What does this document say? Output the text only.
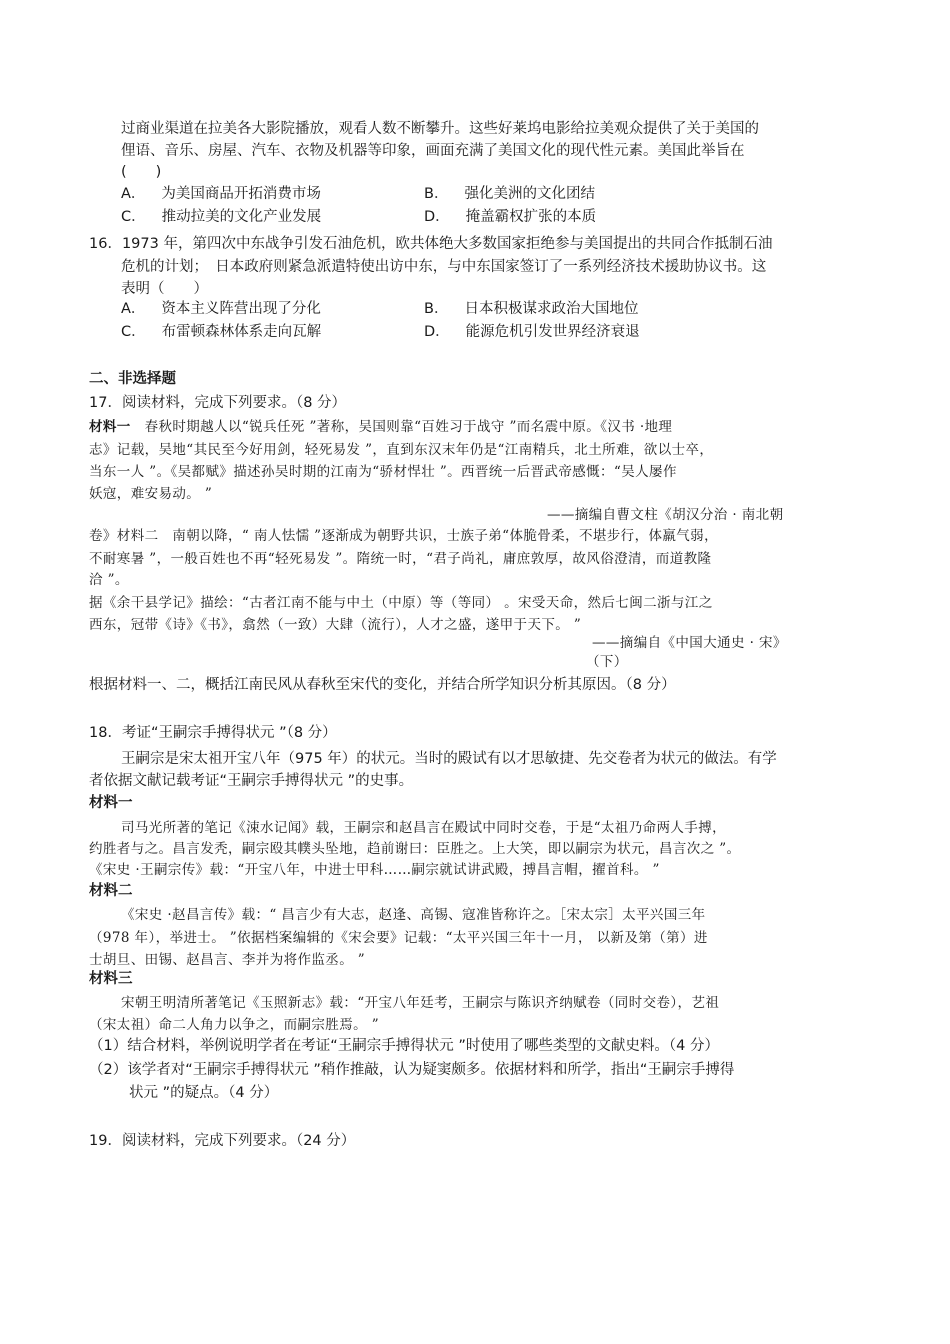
过商业渠道在拉美各大影院播放，观看人数不断攀升。这些好莱坞电影给拉美观众提供了关于美国的
俚语、音乐、房屋、汽车、衣物及机器等印象，画面充满了美国文化的现代性元素。美国此举旨在
(　　)
A． 为美国商品开拓消费市场	B． 强化美洲的文化团结
C． 推动拉美的文化产业发展	D． 掩盖霸权扩张的本质
16．1973 年，第四次中东战争引发石油危机，欧共体绝大多数国家拒绝参与美国提出的共同合作抵制石油
危机的计划；　日本政府则紧急派遣特使出访中东，与中东国家签订了一系列经济技术援助协议书。这
表明（　　）
A． 资本主义阵营出现了分化	B． 日本积极谋求政治大国地位
C． 布雷顿森林体系走向瓦解	D． 能源危机引发世界经济衰退
二、非选择题
17．阅读材料，完成下列要求。（8 分）
材料一　春秋时期越人以“锐兵任死 ”著称，吴国则靠“百姓习于战守 ”而名震中原。《汉书 ·地理
志》记载，吴地“其民至今好用剑，轻死易发 ”，直到东汉末年仍是“江南精兵，北土所难，欲以士卒，
当东一人 ”。《吴都赋》描述孙吴时期的江南为“骄材悍壮 ”。西晋统一后晋武帝感慨：“吴人屡作
妖寇，难安易动。 ”
——摘编自曹文柱《胡汉分治 · 南北朝
卷》材料二　南朝以降，“ 南人怯懦 ”逐渐成为朝野共识，士族子弟“体脆骨柔，不堪步行，体羸气弱，
不耐寒暑 ”，一般百姓也不再“轻死易发 ”。隋统一时，“君子尚礼，庸庶敦厚，故风俗澄清，而道教隆
洽 ”。
据《余干县学记》描绘：“古者江南不能与中土（中原）等（等同） 。宋受天命，然后七闽二浙与江之
西东，冠带《诗》《书》，翕然（一致）大肆（流行），人才之盛，遂甲于天下。 ”
——摘编自《中国大通史 · 宋》
（下）
根据材料一、二，概括江南民风从春秋至宋代的变化，并结合所学知识分析其原因。（8 分）
18．考证“王嗣宗手搏得状元 ”（8 分）
王嗣宗是宋太祖开宝八年（975 年）的状元。当时的殿试有以才思敏捷、先交卷者为状元的做法。有学
者依据文献记载考证“王嗣宗手搏得状元 ”的史事。
材料一
司马光所著的笔记《涑水记闻》载，王嗣宗和赵昌言在殿试中同时交卷，于是“太祖乃命两人手搏，
约胜者与之。昌言发秃，嗣宗殴其幞头坠地，趋前谢曰：臣胜之。上大笑，即以嗣宗为状元，昌言次之 ”。
《宋史 ·王嗣宗传》载：“开宝八年，中进士甲科……嗣宗就试讲武殿，搏昌言帽，擢首科。 ”
材料二
《宋史 ·赵昌言传》载：“ 昌言少有大志，赵逢、高锡、寇准皆称许之。［宋太宗］太平兴国三年
（978 年），举进士。 ”依据档案编辑的《宋会要》记载：“太平兴国三年十一月， 以新及第（第）进
士胡旦、田锡、赵昌言、李并为将作监丞。 ”
材料三
宋朝王明清所著笔记《玉照新志》载：“开宝八年廷考，王嗣宗与陈识齐纳赋卷（同时交卷），艺祖
（宋太祖）命二人角力以争之，而嗣宗胜焉。 ”
（1）结合材料，举例说明学者在考证“王嗣宗手搏得状元 ”时使用了哪些类型的文献史料。（4 分）
（2）该学者对“王嗣宗手搏得状元 ”稍作推敲，认为疑窦颇多。依据材料和所学，指出“王嗣宗手搏得
状元 ”的疑点。（4 分）
19．阅读材料，完成下列要求。（24 分）
